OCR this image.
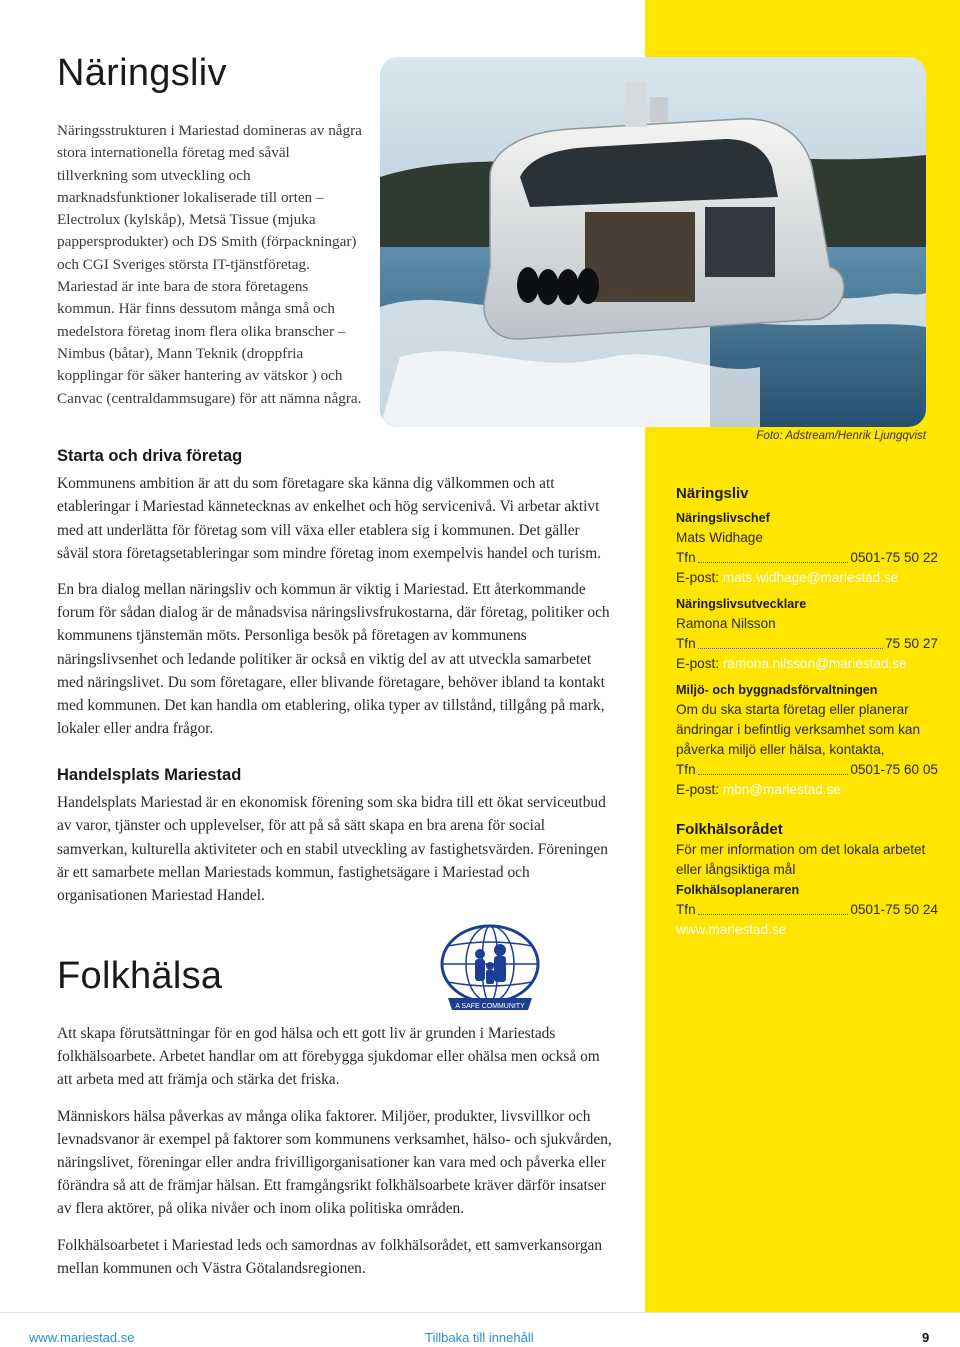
Näringsliv

Näringsstrukturen i Mariestad domineras av några stora internationella företag med såväl tillverkning som utveckling och marknadsfunktioner lokaliserade till orten – Electrolux (kylskåp), Metsä Tissue (mjuka pappersprodukter) och DS Smith (förpackningar) och CGI Sveriges största IT-tjänstföretag. Mariestad är inte bara de stora företagens kommun. Här finns dessutom många små och medelstora företag inom flera olika branscher – Nimbus (båtar), Mann Teknik (droppfria kopplingar för säker hantering av vätskor ) och Canvac (centraldammsugare) för att nämna några.

Nimbus
Foto: Adstream/Henrik Ljungqvist
Starta och driva företag

Kommunens ambition är att du som företagare ska känna dig välkommen och att etableringar i Mariestad kännetecknas av enkelhet och hög servicenivå. Vi arbetar aktivt med att underlätta för företag som vill växa eller etablera sig i kommunen. Det gäller såväl stora företagsetableringar som mindre företag inom exempelvis handel och turism.

En bra dialog mellan näringsliv och kommun är viktig i Mariestad. Ett återkommande forum för sådan dialog är de månadsvisa näringslivsfrukostarna, där företag, politiker och kommunens tjänstemän möts. Personliga besök på företagen av kommunens näringslivsenhet och ledande politiker är också en viktig del av att utveckla samarbetet med näringslivet. Du som företagare, eller blivande företagare, behöver ibland ta kontakt med kommunen. Det kan handla om etablering, olika typer av tillstånd, tillgång på mark, lokaler eller andra frågor.

Handelsplats Mariestad

Handelsplats Mariestad är en ekonomisk förening som ska bidra till ett ökat serviceutbud av varor, tjänster och upplevelser, för att på så sätt skapa en bra arena för social samverkan, kulturella aktiviteter och en stabil utveckling av fastighetsvärden. Föreningen är ett samarbete mellan Mariestads kommun, fastighetsägare i Mariestad och organisationen Mariestad Handel.

Folkhälsa
A SAFE COMMUNITY

Att skapa förutsättningar för en god hälsa och ett gott liv är grunden i Mariestads folkhälsoarbete. Arbetet handlar om att förebygga sjukdomar eller ohälsa men också om att arbeta med att främja och stärka det friska.

Människors hälsa påverkas av många olika faktorer. Miljöer, produkter, livsvillkor och levnadsvanor är exempel på faktorer som kommunens verksamhet, hälso- och sjukvården, näringslivet, föreningar eller andra frivilligorganisationer kan vara med och påverka eller förändra så att de främjar hälsan. Ett framgångsrikt folkhälsoarbete kräver därför insatser av flera aktörer, på olika nivåer och inom olika politiska områden.

Folkhälsoarbetet i Mariestad leds och samordnas av folkhälsorådet, ett samverkansorgan mellan kommunen och Västra Götalandsregionen.

Näringsliv
Näringslivschef
Mats Widhage
Tfn	0501-75 50 22
E-post: mats.widhage@mariestad.se
Näringslivsutvecklare
Ramona Nilsson
Tfn	75 50 27
E-post: ramona.nilsson@mariestad.se
Miljö- och byggnadsförvaltningen
Om du ska starta företag eller planerar ändringar i befintlig verksamhet som kan påverka miljö eller hälsa, kontakta,
Tfn	0501-75 60 05
E-post: mbn@mariestad.se
Folkhälsorådet
För mer information om det lokala arbetet eller långsiktiga mål
Folkhälsoplaneraren
Tfn	0501-75 50 24
www.mariestad.se
www.mariestad.se	Tillbaka till innehåll	9
